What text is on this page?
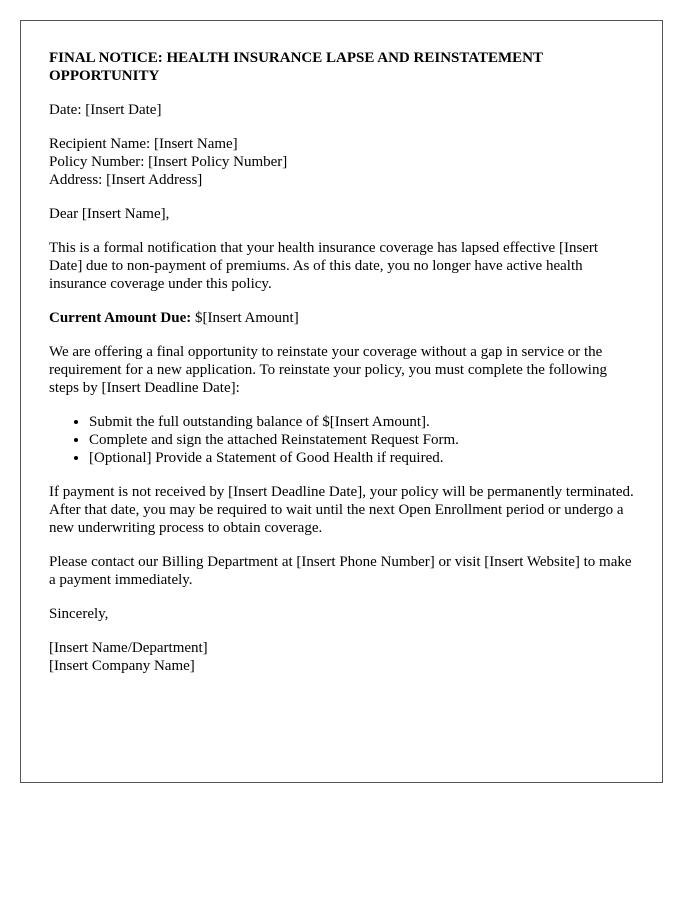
FINAL NOTICE: HEALTH INSURANCE LAPSE AND REINSTATEMENT OPPORTUNITY

Date: [Insert Date]

Recipient Name: [Insert Name]
Policy Number: [Insert Policy Number]
Address: [Insert Address]

Dear [Insert Name],

This is a formal notification that your health insurance coverage has lapsed effective [Insert Date] due to non-payment of premiums. As of this date, you no longer have active health insurance coverage under this policy.

Current Amount Due: $[Insert Amount]

We are offering a final opportunity to reinstate your coverage without a gap in service or the requirement for a new application. To reinstate your policy, you must complete the following steps by [Insert Deadline Date]:

• Submit the full outstanding balance of $[Insert Amount].
• Complete and sign the attached Reinstatement Request Form.
• [Optional] Provide a Statement of Good Health if required.

If payment is not received by [Insert Deadline Date], your policy will be permanently terminated. After that date, you may be required to wait until the next Open Enrollment period or undergo a new underwriting process to obtain coverage.

Please contact our Billing Department at [Insert Phone Number] or visit [Insert Website] to make a payment immediately.

Sincerely,

[Insert Name/Department]
[Insert Company Name]
